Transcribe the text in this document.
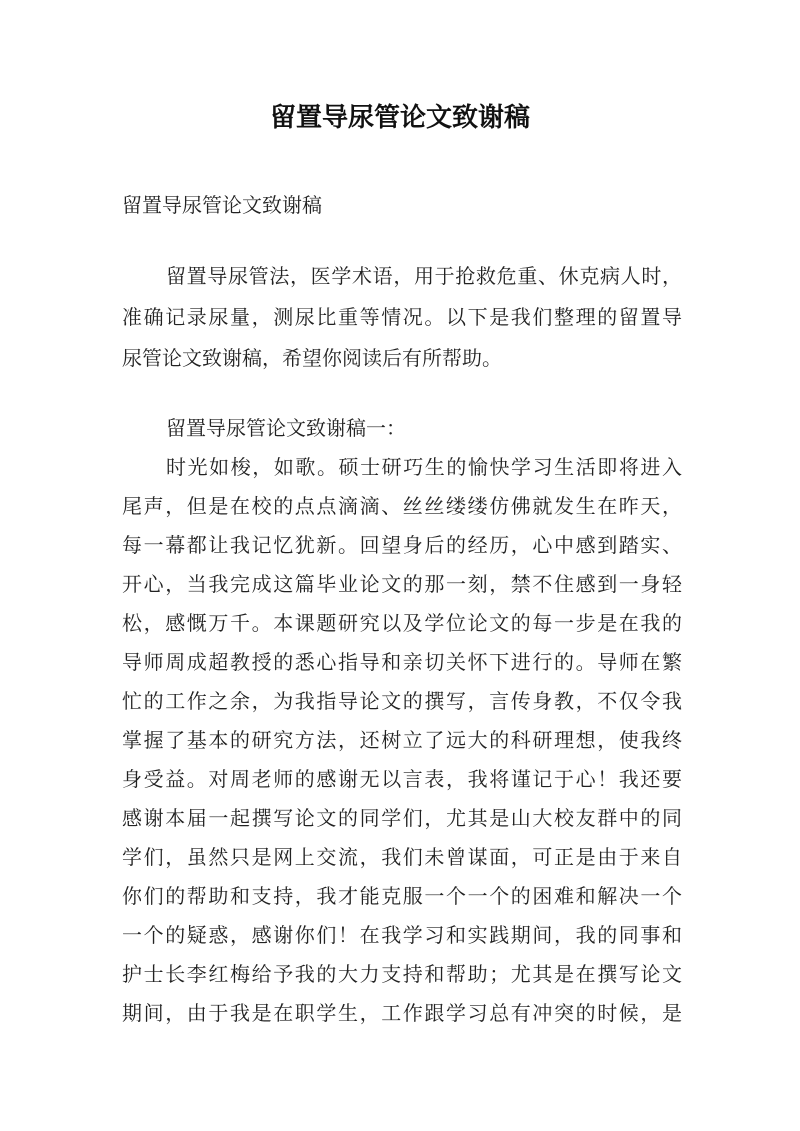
留置导尿管论文致谢稿
留置导尿管论文致谢稿
留置导尿管法，医学术语，用于抢救危重、休克病人时，
准确记录尿量，测尿比重等情况。以下是我们整理的留置导
尿管论文致谢稿，希望你阅读后有所帮助。
留置导尿管论文致谢稿一：
时光如梭，如歌。硕士研巧生的愉快学习生活即将进入
尾声，但是在校的点点滴滴、丝丝缕缕仿佛就发生在昨天，
每一幕都让我记忆犹新。回望身后的经历，心中感到踏实、
开心，当我完成这篇毕业论文的那一刻，禁不住感到一身轻
松，感慨万千。本课题研究以及学位论文的每一步是在我的
导师周成超教授的悉心指导和亲切关怀下进行的。导师在繁
忙的工作之余，为我指导论文的撰写，言传身教，不仅令我
掌握了基本的研究方法，还树立了远大的科研理想，使我终
身受益。对周老师的感谢无以言表，我将谨记于心！我还要
感谢本届一起撰写论文的同学们，尤其是山大校友群中的同
学们，虽然只是网上交流，我们未曾谋面，可正是由于来自
你们的帮助和支持，我才能克服一个一个的困难和解决一个
一个的疑惑，感谢你们！在我学习和实践期间，我的同事和
护士长李红梅给予我的大力支持和帮助；尤其是在撰写论文
期间，由于我是在职学生，工作跟学习总有冲突的时候，是
